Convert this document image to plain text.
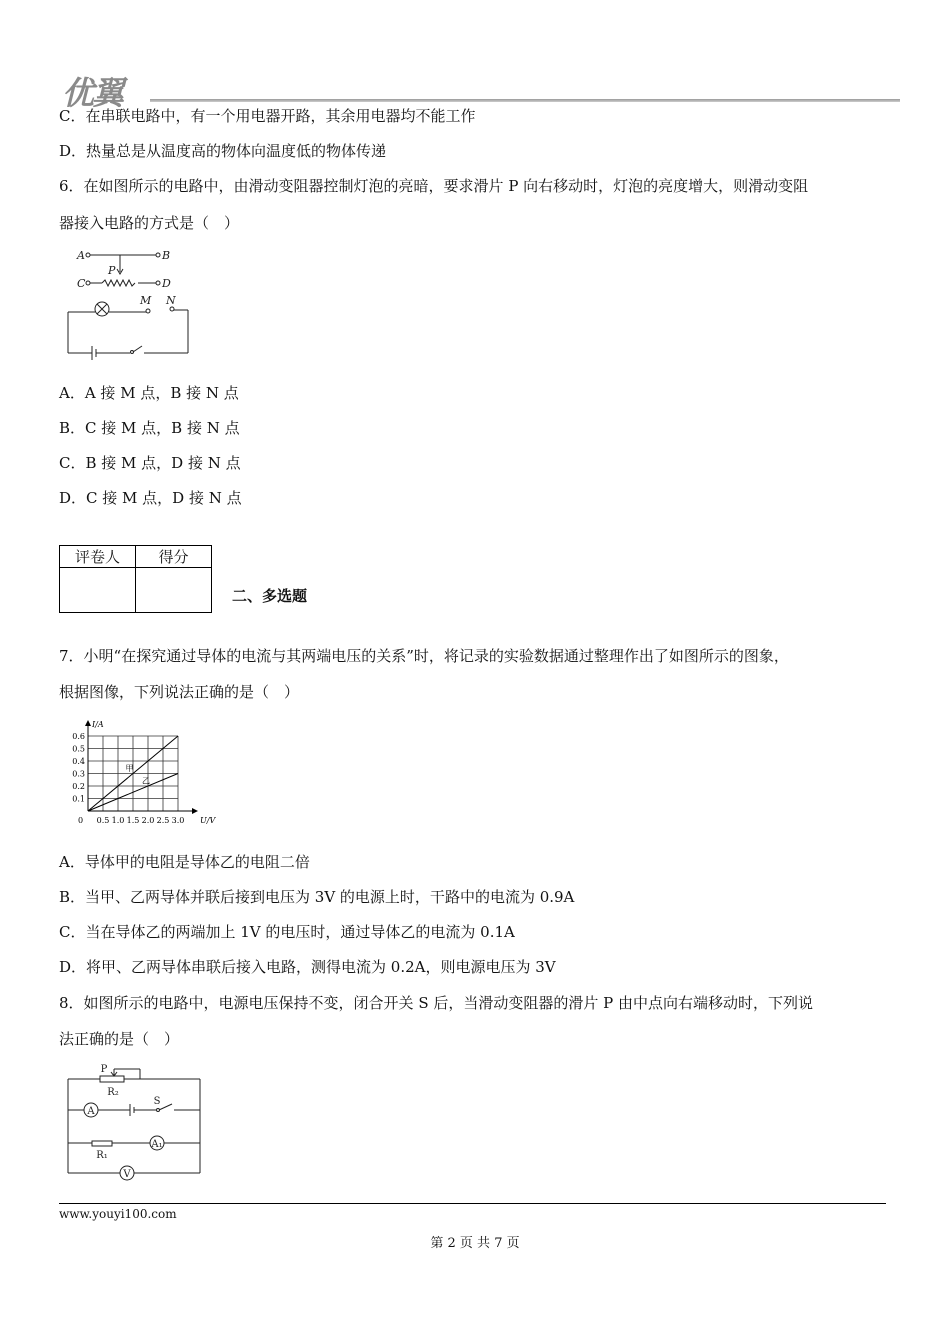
优翼
C．在串联电路中，有一个用电器开路，其余用电器均不能工作
D．热量总是从温度高的物体向温度低的物体传递
6．在如图所示的电路中，由滑动变阻器控制灯泡的亮暗，要求滑片 P 向右移动时，灯泡的亮度增大，则滑动变阻
器接入电路的方式是（　）
A	B
P
C	D
M N
A．A 接 M 点，B 接 N 点
B．C 接 M 点，B 接 N 点
C．B 接 M 点，D 接 N 点
D．C 接 M 点，D 接 N 点
评卷人	得分

二、多选题
7．小明“在探究通过导体的电流与其两端电压的关系”时，将记录的实验数据通过整理作出了如图所示的图象，
根据图像，下列说法正确的是（　）
甲
乙
0.1
0.2
0.3
0.4
0.5
0.6
0.5 1.0 1.5 2.0 2.5 3.0
0
I/A
U/V
A．导体甲的电阻是导体乙的电阻二倍
B．当甲、乙两导体并联后接到电压为 3V 的电源上时，干路中的电流为 0.9A
C．当在导体乙的两端加上 1V 的电压时，通过导体乙的电流为 0.1A
D．将甲、乙两导体串联后接入电路，测得电流为 0.2A，则电源电压为 3V
8．如图所示的电路中，电源电压保持不变，闭合开关 S 后，当滑动变阻器的滑片 P 由中点向右端移动时，下列说
法正确的是（　）
P
R₂
S
A
R₁
A₁
V
www.youyi100.com
第 2 页 共 7 页
